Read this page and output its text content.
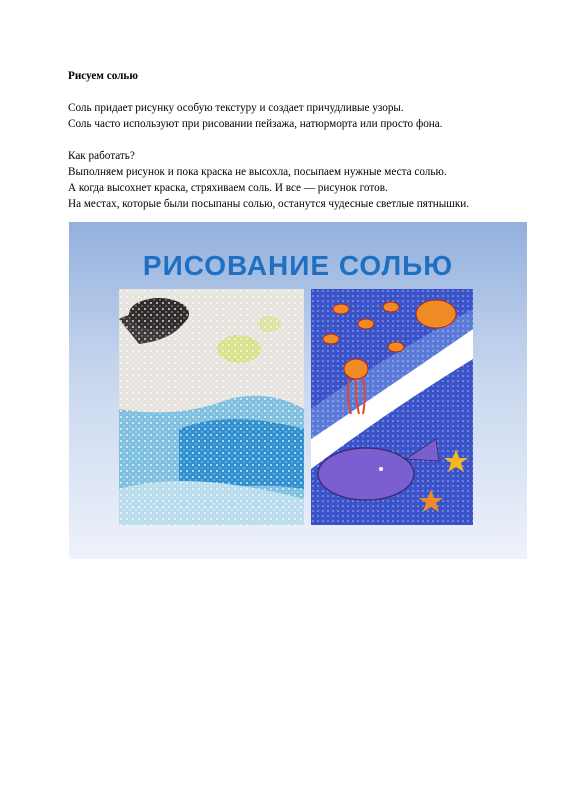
Рисуем солью
Соль придает рисунку особую текстуру и создает причудливые узоры.
Соль часто используют при рисовании пейзажа, натюрморта или просто фона.
Как работать?
Выполняем рисунок и пока краска не высохла, посыпаем нужные места солью.
А когда высохнет краска, стряхиваем соль. И все — рисунок готов.
На местах, которые были посыпаны солью, останутся чудесные светлые пятнышки.
РИСОВАНИЕ СОЛЬЮ
